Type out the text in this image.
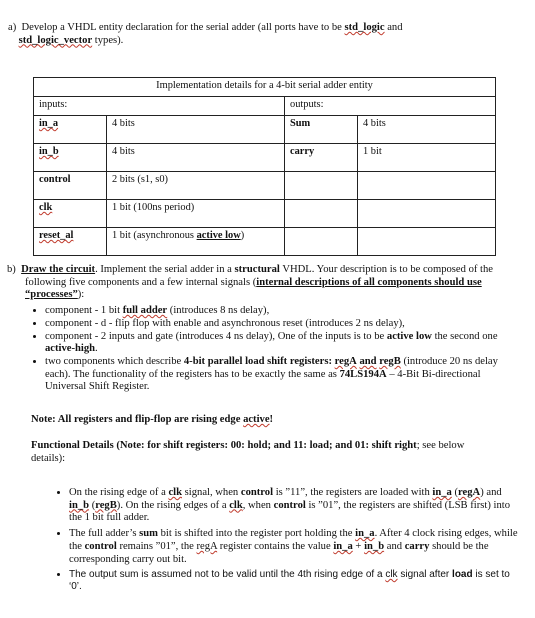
a) Develop a VHDL entity declaration for the serial adder (all ports have to be std_logic and
std_logic_vector types).

Implementation details for a 4-bit serial adder entity			
inputs:		outputs:	
in_a	4 bits	Sum	4 bits
in_b	4 bits	carry	1 bit
control	2 bits (s1, s0)		
clk	1 bit (100ns period)		
reset_al	1 bit (asynchronous active low)		

b) Draw the circuit. Implement the serial adder in a structural VHDL. Your description is to be composed of the following five components and a few internal signals (internal descriptions of all components should use “processes”):

• component - 1 bit full adder (introduces 8 ns delay),
• component - d - flip flop with enable and asynchronous reset (introduces 2 ns delay),
• component - 2 inputs and gate (introduces 4 ns delay), One of the inputs is to be active low the second one active-high.
• two components which describe 4-bit parallel load shift registers: regA and regB (introduce 20 ns delay each). The functionality of the registers has to be exactly the same as 74LS194A – 4-Bit Bi-directional Universal Shift Register.

Note: All registers and flip-flop are rising edge active!

Functional Details (Note: for shift registers: 00: hold; and 11: load; and 01: shift right; see below details):

• On the rising edge of a clk signal, when control is ”11”, the registers are loaded with in_a (regA) and in_b (regB). On the rising edges of a clk, when control is ”01”, the registers are shifted (LSB first) into the 1 bit full adder.
• The full adder’s sum bit is shifted into the register port holding the in_a. After 4 clock rising edges, while the control remains ”01”, the regA register contains the value in_a + in_b and carry should be the corresponding carry out bit.
• The output sum is assumed not to be valid until the 4th rising edge of a clk signal after load is set to ‘0’.
